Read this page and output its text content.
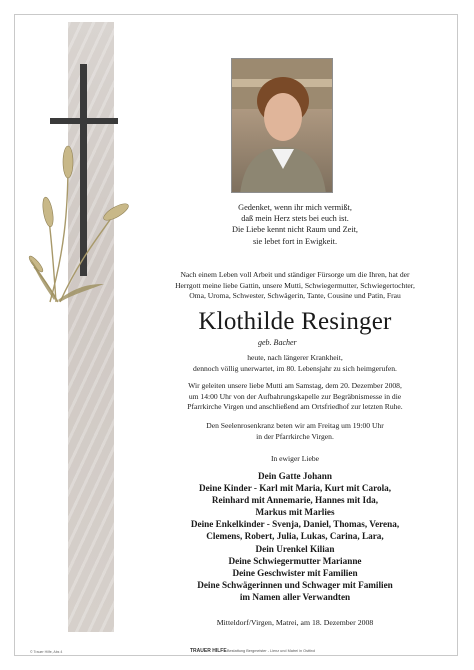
Gedenket, wenn ihr mich vermißt,
daß mein Herz stets bei euch ist.
Die Liebe kennt nicht Raum und Zeit,
sie lebet fort in Ewigkeit.
Nach einem Leben voll Arbeit und ständiger Fürsorge um die Ihren, hat der
Herrgott meine liebe Gattin, unsere Mutti, Schwiegermutter, Schwiegertochter,
Oma, Uroma, Schwester, Schwägerin, Tante, Cousine und Patin, Frau
Klothilde Resinger
geb. Bacher
heute, nach längerer Krankheit,
dennoch völlig unerwartet, im 80. Lebensjahr zu sich heimgerufen.
Wir geleiten unsere liebe Mutti am Samstag, dem 20. Dezember 2008,
um 14:00 Uhr von der Aufbahrungskapelle zur Begräbnismesse in die
Pfarrkirche Virgen und anschließend am Ortsfriedhof zur letzten Ruhe.
Den Seelenrosenkranz beten wir am Freitag um 19:00 Uhr
in der Pfarrkirche Virgen.
In ewiger Liebe
Dein Gatte Johann
Deine Kinder - Karl mit Maria, Kurt mit Carola,
Reinhard mit Annemarie, Hannes mit Ida,
Markus mit Marlies
Deine Enkelkinder - Svenja, Daniel, Thomas, Verena,
Clemens, Robert, Julia, Lukas, Carina, Lara,
Dein Urenkel Kilian
Deine Schwiegermutter Marianne
Deine Geschwister mit Familien
Deine Schwägerinnen und Schwager mit Familien
im Namen aller Verwandten
Mitteldorf/Virgen, Matrei, am 18. Dezember 2008
© Trauer Hilfe, Abs 4	TRAUER HILFE Bestattung Bergmeister - Lienz und Matrei in Osttirol
